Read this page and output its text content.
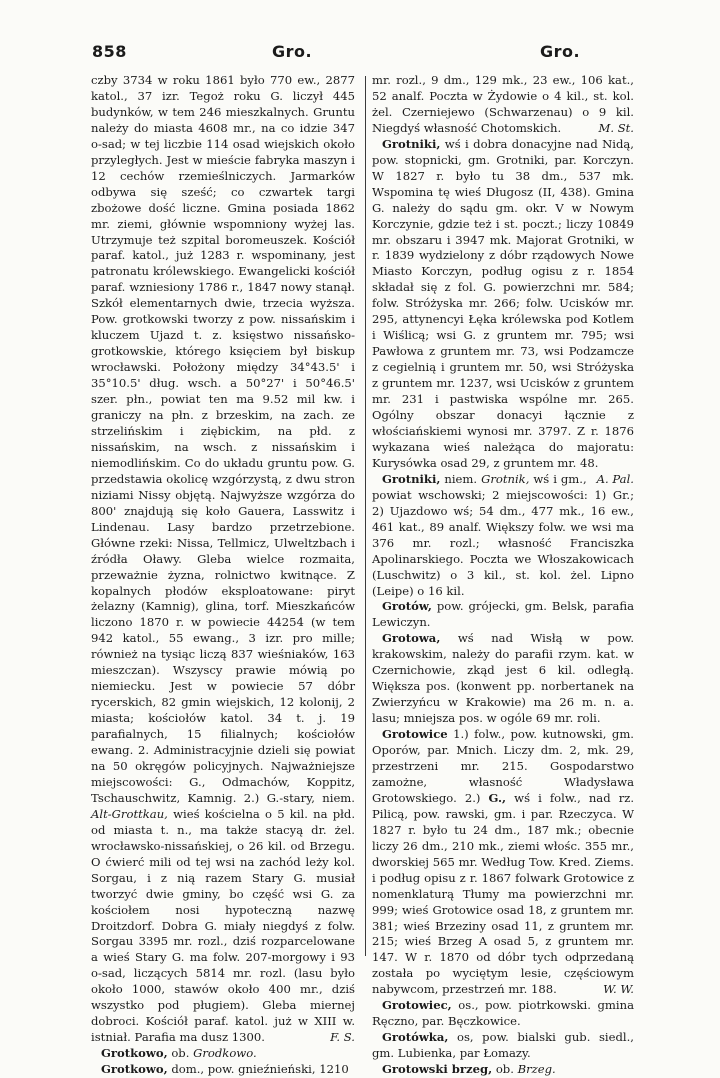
858	Gro.	Gro.

czby 3734 w roku 1861 było 770 ew., 2877 katol., 37 izr. Tegoż roku G. liczył 445 budynków, w tem 246 mieszkalnych. Gruntu należy do miasta 4608 mr., na co idzie 347 o-sad; w tej liczbie 114 osad wiejskich około przyległych. Jest w mieście fabryka maszyn i 12 cechów rzemieślniczych. Jarmarków odbywa się sześć; co czwartek targi zbożowe dość liczne. Gmina posiada 1862 mr. ziemi, głównie wspomniony wyżej las. Utrzymuje też szpital boromeuszek. Kościół paraf. katol., już 1283 r. wspominany, jest patronatu królewskiego. Ewangelicki kościół paraf. wzniesiony 1786 r., 1847 nowy stanął. Szkół elementarnych dwie, trzecia wyższa. Pow. grotkowski tworzy z pow. nissańskim i kluczem Ujazd t. z. księstwo nissańsko-grotkowskie, którego księciem był biskup wrocławski. Położony między 34°43.5' i 35°10.5' dług. wsch. a 50°27' i 50°46.5' szer. płn., powiat ten ma 9.52 mil kw. i graniczy na płn. z brzeskim, na zach. ze strzelińskim i ziębickim, na płd. z nissańskim, na wsch. z nissańskim i niemodlińskim. Co do układu gruntu pow. G. przedstawia okolicę wzgórzystą, z dwu stron niziami Nissy objętą. Najwyższe wzgórza do 800' znajdują się koło Gauera, Lasswitz i Lindenau. Lasy bardzo przetrzebione. Główne rzeki: Nissa, Tellmicz, Ulweltzbach i źródła Oławy. Gleba wielce rozmaita, przeważnie żyzna, rolnictwo kwitnące. Z kopalnych płodów eksploatowane: piryt żelazny (Kamnig), glina, torf. Mieszkańców liczono 1870 r. w powiecie 44254 (w tem 942 katol., 55 ewang., 3 izr. pro mille; również na tysiąc liczą 837 wieśniaków, 163 mieszczan). Wszyscy prawie mówią po niemiecku. Jest w powiecie 57 dóbr rycerskich, 82 gmin wiejskich, 12 kolonij, 2 miasta; kościołów katol. 34 t. j. 19 parafialnych, 15 filialnych; kościołów ewang. 2. Administracyjnie dzieli się powiat na 50 okręgów policyjnych. Najważniejsze miejscowości: G., Odmachów, Koppitz, Tschauschwitz, Kamnig. 2.) G.-stary, niem. Alt-Grottkau, wieś kościelna o 5 kil. na płd. od miasta t. n., ma także stacyą dr. żel. wrocławsko-nissańskiej, o 26 kil. od Brzegu. O ćwierć mili od tej wsi na zachód leży kol. Sorgau, i z nią razem Stary G. musiał tworzyć dwie gminy, bo część wsi G. za kościołem nosi hypoteczną nazwę Droitzdorf. Dobra G. miały niegdyś z folw. Sorgau 3395 mr. rozl., dziś rozparcelowane a wieś Stary G. ma folw. 207-morgowy i 93 o-sad, liczących 5814 mr. rozl. (lasu było około 1000, stawów około 400 mr., dziś wszystko pod pługiem). Gleba miernej dobroci. Kościół paraf. katol. już w XIII w. istniał. Parafia ma dusz 1300.	F. S.

Grotkowo, ob. Grodkowo.

Grotkowo, dom., pow. gnieźnieński, 1210

mr. rozl., 9 dm., 129 mk., 23 ew., 106 kat., 52 analf. Poczta w Żydowie o 4 kil., st. kol. żel. Czerniejewo (Schwarzenau) o 9 kil. Niegdyś własność Chotomskich.	M. St.

Grotniki, wś i dobra donacyjne nad Nidą, pow. stopnicki, gm. Grotniki, par. Korczyn. W 1827 r. było tu 38 dm., 537 mk. Wspomina tę wieś Długosz (II, 438). Gmina G. należy do sądu gm. okr. V w Nowym Korczynie, gdzie też i st. poczt.; liczy 10849 mr. obszaru i 3947 mk. Majorat Grotniki, w r. 1839 wydzielony z dóbr rządowych Nowe Miasto Korczyn, podług ogisu z r. 1854 składał się z fol. G. powierzchni mr. 584; folw. Stróżyska mr. 266; folw. Ucisków mr. 295, attynencyi Łęka królewska pod Kotlem i Wiślicą; wsi G. z gruntem mr. 795; wsi Pawłowa z gruntem mr. 73, wsi Podzamcze z cegielnią i gruntem mr. 50, wsi Stróżyska z gruntem mr. 1237, wsi Ucisków z gruntem mr. 231 i pastwiska wspólne mr. 265. Ogólny obszar donacyi łącznie z włościańskiemi wynosi mr. 3797. Z r. 1876 wykazana wieś należąca do majoratu: Kurysówka osad 29, z gruntem mr. 48.
A. Pal.

Grotniki, niem. Grotnik, wś i gm., powiat wschowski; 2 miejscowości: 1) Gr.; 2) Ujazdowo wś; 54 dm., 477 mk., 16 ew., 461 kat., 89 analf. Większy folw. we wsi ma 376 mr. rozl.; własność Franciszka Apolinarskiego. Poczta we Włoszakowicach (Luschwitz) o 3 kil., st. kol. żel. Lipno (Leipe) o 16 kil.

Grotów, pow. grójecki, gm. Belsk, parafia Lewiczyn.

Grotowa, wś nad Wisłą w pow. krakowskim, należy do parafii rzym. kat. w Czernichowie, zkąd jest 6 kil. odległą. Większa pos. (konwent pp. norbertanek na Zwierzyńcu w Krakowie) ma 26 m. n. a. lasu; mniejsza pos. w ogóle 69 mr. roli.

Grotowice 1.) folw., pow. kutnowski, gm. Oporów, par. Mnich. Liczy dm. 2, mk. 29, przestrzeni mr. 215. Gospodarstwo zamożne, własność Władysława Grotowskiego. 2.) G., wś i folw., nad rz. Pilicą, pow. rawski, gm. i par. Rzeczyca. W 1827 r. było tu 24 dm., 187 mk.; obecnie liczy 26 dm., 210 mk., ziemi włośc. 355 mr., dworskiej 565 mr. Według Tow. Kred. Ziems. i podług opisu z r. 1867 folwark Grotowice z nomenklaturą Tłumy ma powierzchni mr. 999; wieś Grotowice osad 18, z gruntem mr. 381; wieś Brzeziny osad 11, z gruntem mr. 215; wieś Brzeg A osad 5, z gruntem mr. 147. W r. 1870 od dóbr tych odprzedaną została po wyciętym lesie, częściowym nabywcom, przestrzeń mr. 188.	W. W.

Grotowiec, os., pow. piotrkowski. gmina Ręczno, par. Bęczkowice.

Grotówka, os, pow. bialski gub. siedl., gm. Lubienka, par Łomazy.

Grotowski brzeg, ob. Brzeg.
